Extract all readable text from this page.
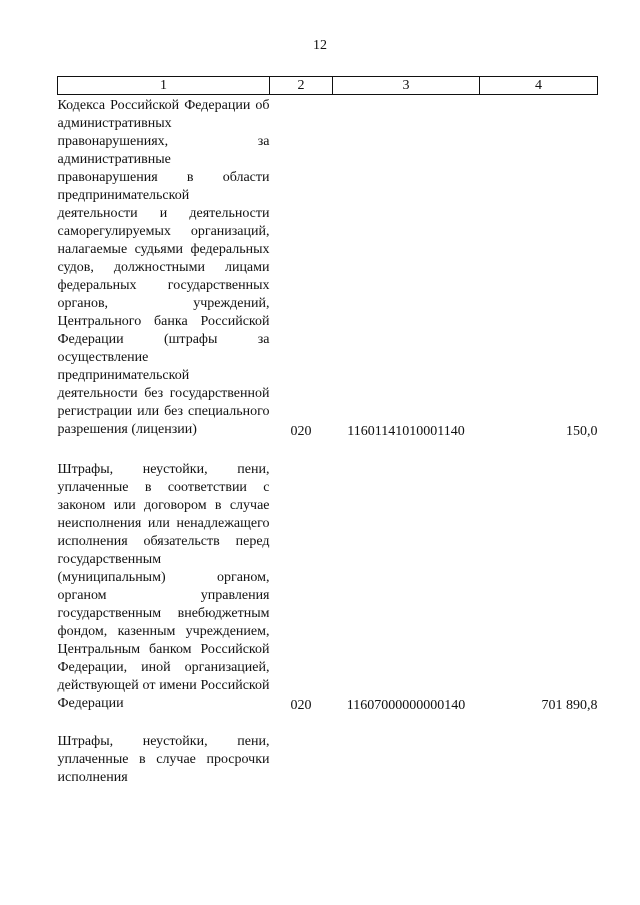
12
1	2	3	4

Кодекса Российской Федерации об административных правонарушениях, за административные правонарушения в области предпринимательской деятельности и деятельности саморегулируемых организаций, налагаемые судьями федеральных судов, должностными лицами федеральных государственных органов, учреждений, Центрального банка Российской Федерации (штрафы за осуществление предпринимательской деятельности без государственной регистрации или без специального разрешения (лицензии)	020	11601141010001140	150,0

Штрафы, неустойки, пени, уплаченные в соответствии с законом или договором в случае неисполнения или ненадлежащего исполнения обязательств перед государственным (муниципальным) органом, органом управления государственным внебюджетным фондом, казенным учреждением, Центральным банком Российской Федерации, иной организацией, действующей от имени Российской Федерации	020	11607000000000140	701 890,8

Штрафы, неустойки, пени, уплаченные в случае просрочки исполнения			
